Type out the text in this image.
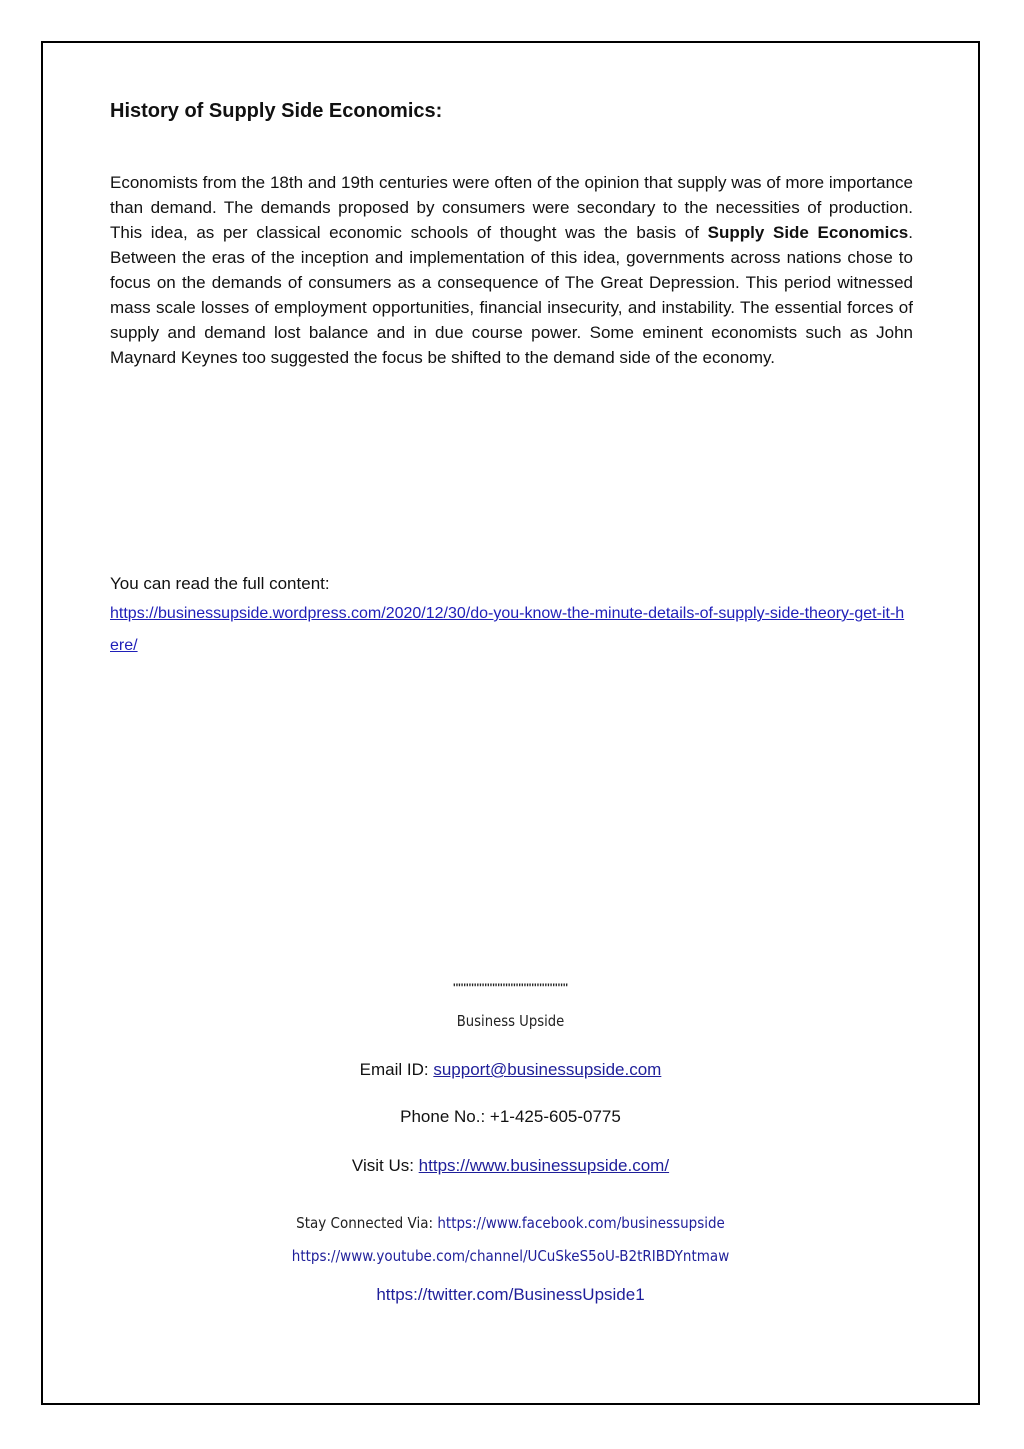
History of Supply Side Economics:

Economists from the 18th and 19th centuries were often of the opinion that supply was of more importance than demand. The demands proposed by consumers were secondary to the necessities of production. This idea, as per classical economic schools of thought was the basis of Supply Side Economics. Between the eras of the inception and implementation of this idea, governments across nations chose to focus on the demands of consumers as a consequence of The Great Depression. This period witnessed mass scale losses of employment opportunities, financial insecurity, and instability. The essential forces of supply and demand lost balance and in due course power. Some eminent economists such as John Maynard Keynes too suggested the focus be shifted to the demand side of the economy.

You can read the full content:
https://businessupside.wordpress.com/2020/12/30/do-you-know-the-minute-details-of-supply-side-theory-get-it-here/
''''''''''''''''''''''''''''''''''''''''''''
Business Upside
Email ID: support@businessupside.com
Phone No.: +1-425-605-0775
Visit Us: https://www.businessupside.com/
Stay Connected Via: https://www.facebook.com/businessupside
https://www.youtube.com/channel/UCuSkeS5oU-B2tRIBDYntmaw
https://twitter.com/BusinessUpside1
